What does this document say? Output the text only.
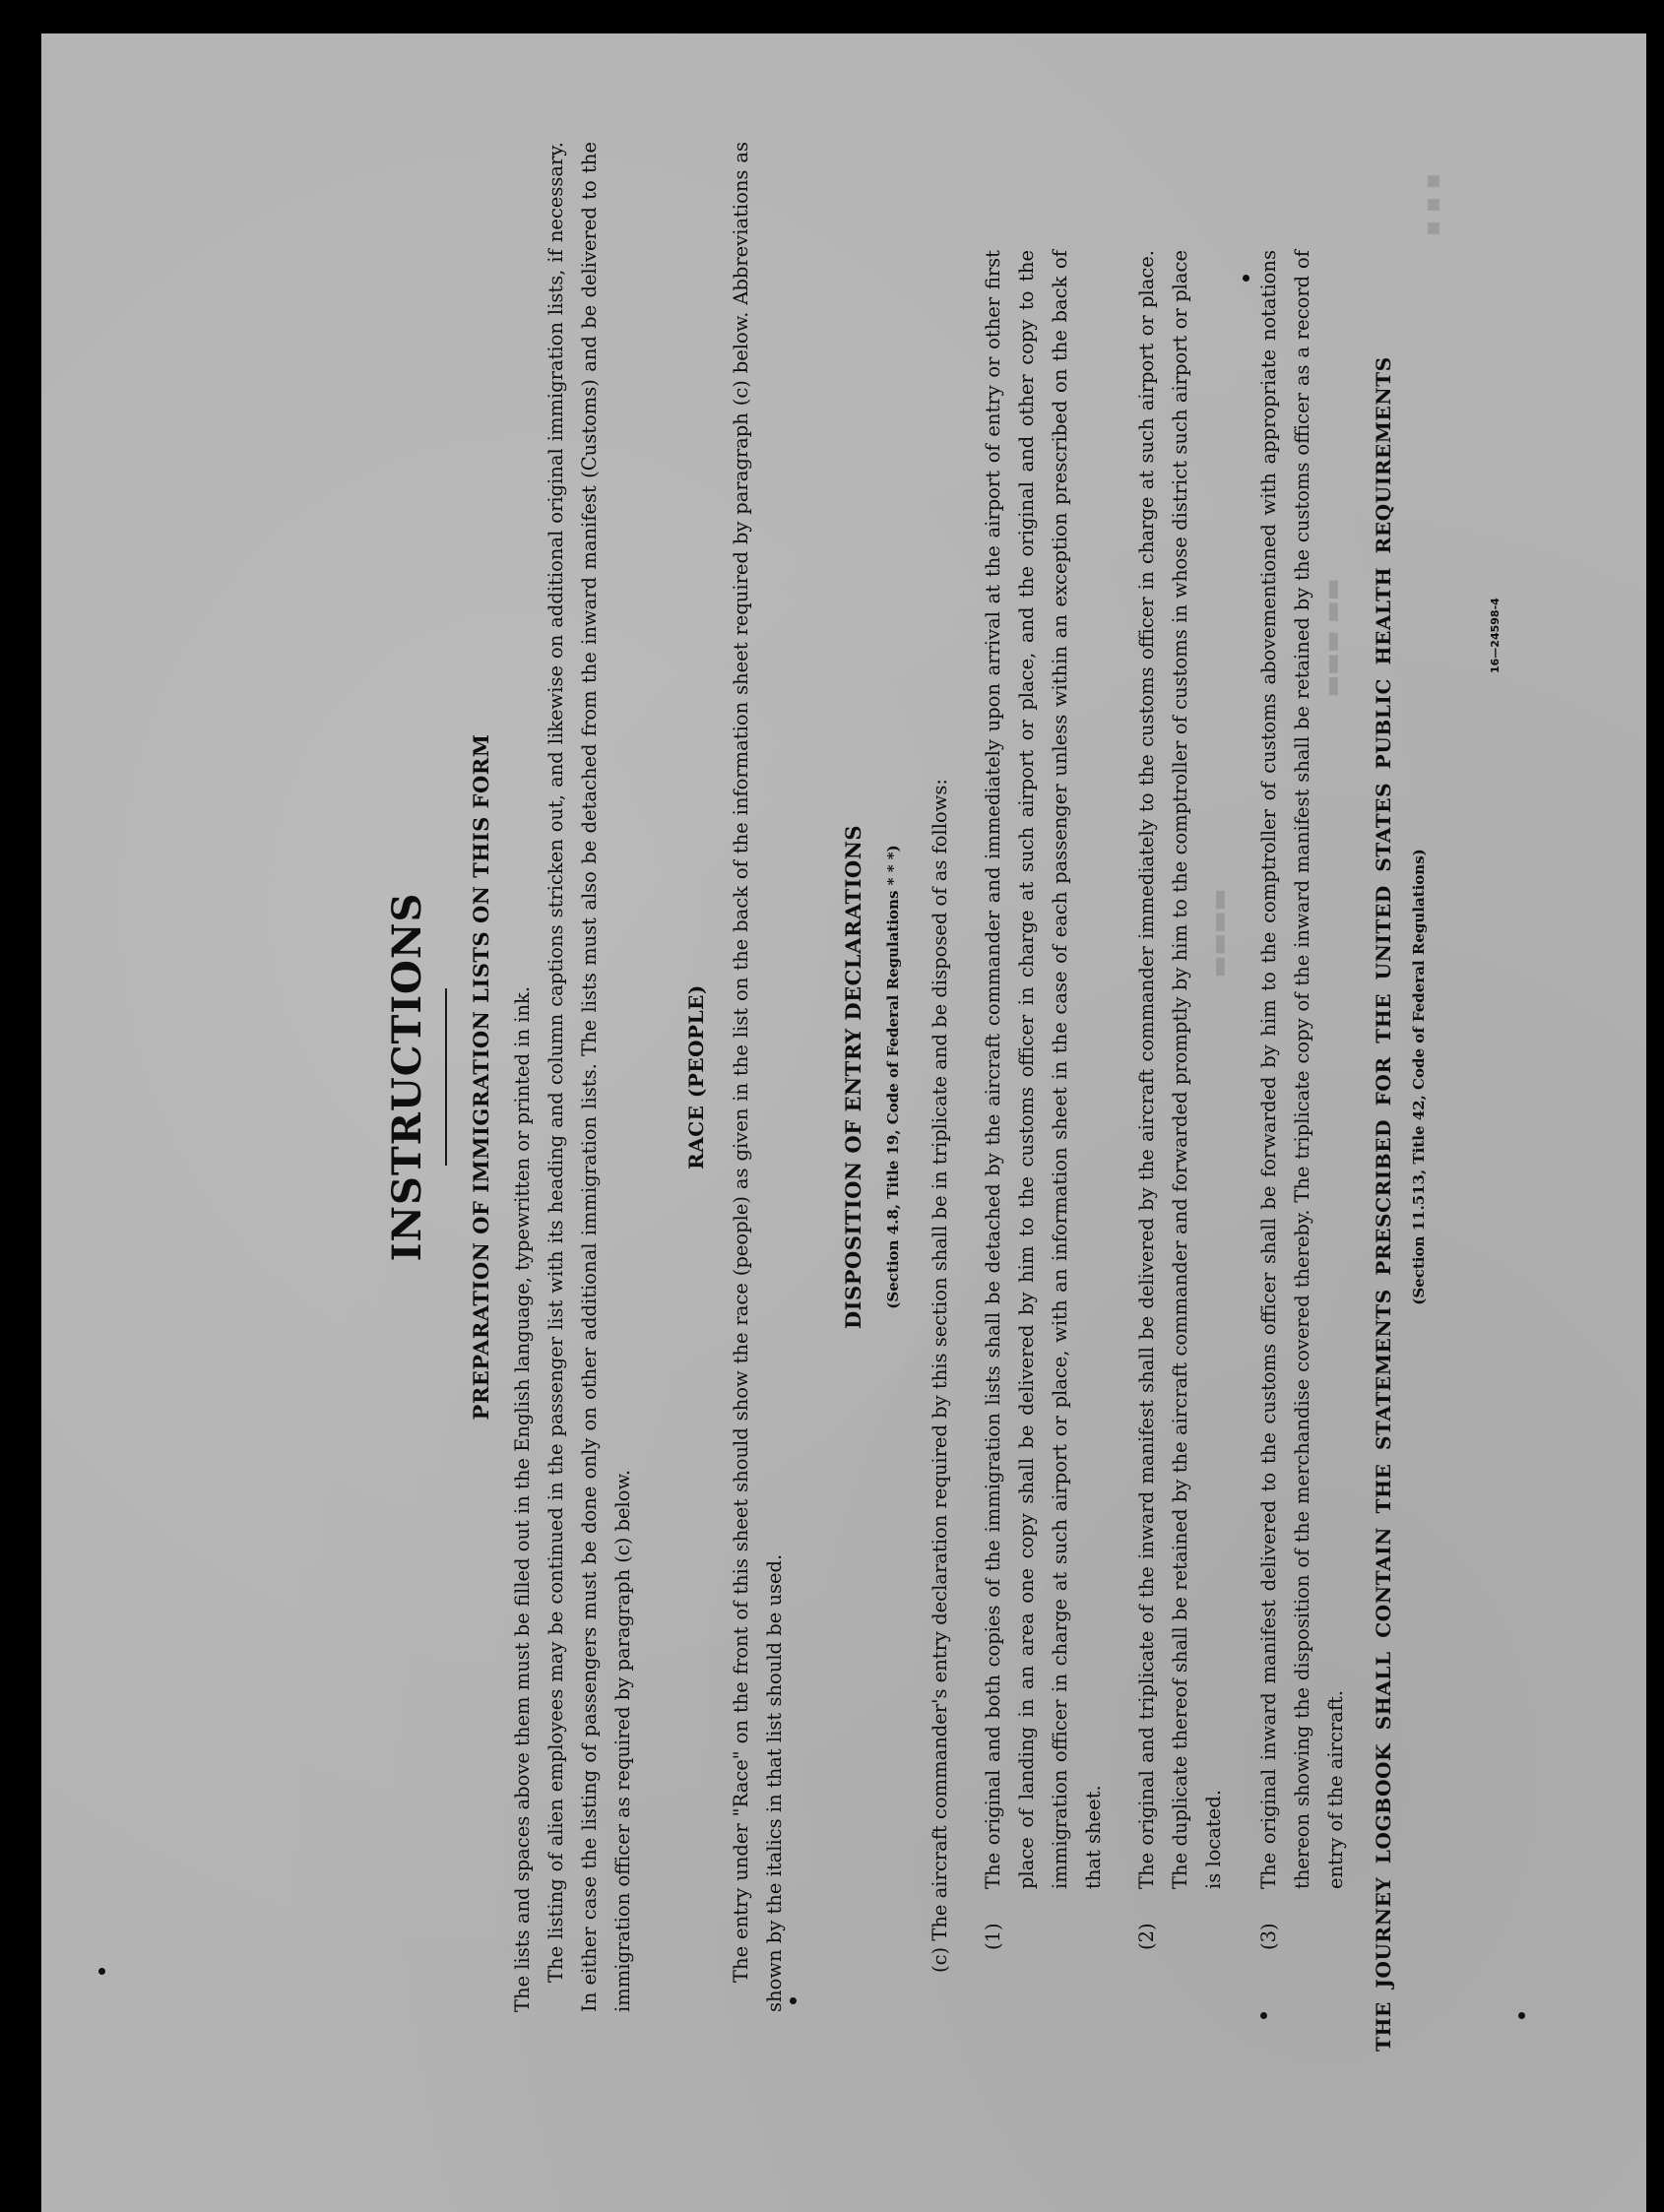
▪ ▪ ▪
▬▬▬ ▬▬
▬▬▬▬
INSTRUCTIONS PREPARATION OF IMMIGRATION LISTS ON THIS FORM The lists and spaces above them must be filled out in the English language, typewritten or printed in ink. The listing of alien employees may be continued in the passenger list with its heading and column captions stricken out, and likewise on additional original immigration lists, if necessary. In either case the listing of passengers must be done only on other additional immigration lists. The lists must also be detached from the inward manifest (Customs) and be delivered to the immigration officer as required by paragraph (c) below.
RACE (PEOPLE) The entry under "Race" on the front of this sheet should show the race (people) as given in the list on the back of the information sheet required by paragraph (c) below. Abbreviations as shown by the italics in that list should be used.
DISPOSITION OF ENTRY DECLARATIONS	(Section 4.8, Title 19, Code of Federal Regulations * * *)	(c) The aircraft commander's entry declaration required by this section shall be in triplicate and be disposed of as follows:	(1)
The original and both copies of the immigration lists shall be detached by the aircraft commander and immediately upon arrival at the airport of entry or other first place of landing in an area one copy shall be delivered by him to the customs officer in charge at such airport or place, and the original and other copy to the immigration officer in charge at such airport or place, with an information sheet in the case of each passenger unless within an exception prescribed on the back of that sheet.
(2)
The original and triplicate of the inward manifest shall be delivered by the aircraft commander immediately to the customs officer in charge at such airport or place. The duplicate thereof shall be retained by the aircraft commander and forwarded promptly by him to the comptroller of customs in whose district such airport or place is located.
(3)
The original inward manifest delivered to the customs officer shall be forwarded by him to the comptroller of customs abovementioned with appropriate notations thereon showing the disposition of the merchandise covered thereby. The triplicate copy of the inward manifest shall be retained by the customs officer as a record of entry of the aircraft.	THE JOURNEY LOGBOOK SHALL CONTAIN THE STATEMENTS PRESCRIBED FOR THE UNITED STATES PUBLIC HEALTH REQUIREMENTS	(Section 11.513, Title 42, Code of Federal Regulations)
16—24598-4
